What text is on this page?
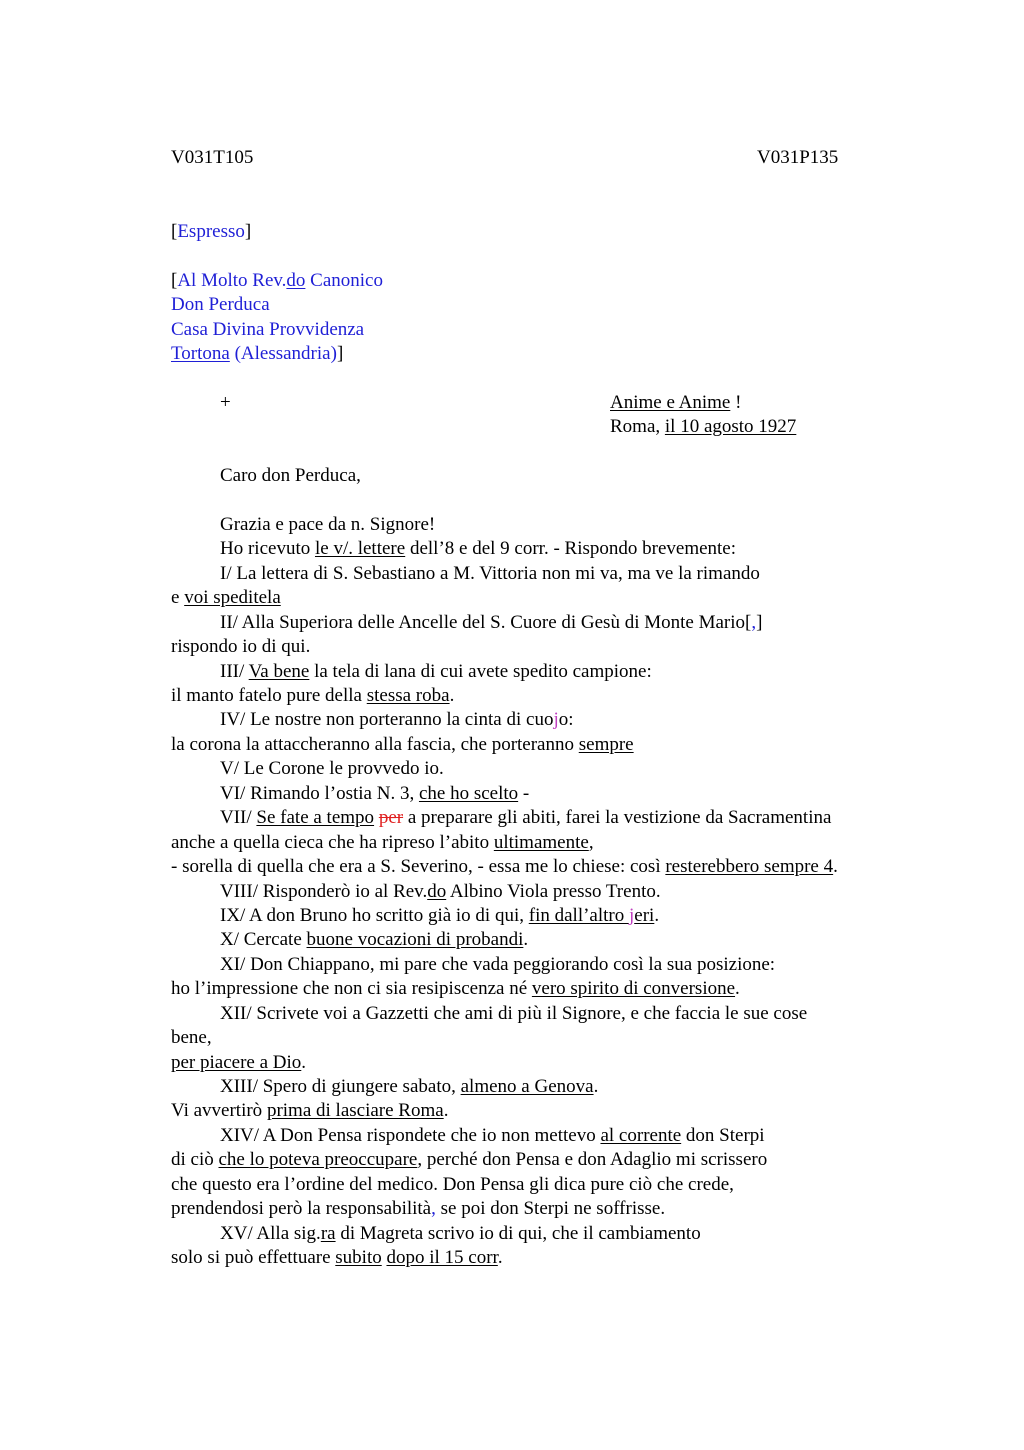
V031T105	V031P135
[Espresso]
[Al Molto Rev.do Canonico
Don Perduca
Casa Divina Provvidenza
Tortona (Alessandria)]
+	Anime e Anime !
Roma, il 10 agosto 1927
Caro don Perduca,
Grazia e pace da n. Signore!
Ho ricevuto le v/. lettere dell’8 e del 9 corr. - Rispondo brevemente:
I/ La lettera di S. Sebastiano a M. Vittoria non mi va, ma ve la rimando
e voi speditela
II/ Alla Superiora delle Ancelle del S. Cuore di Gesù di Monte Mario[,]
rispondo io di qui.
III/ Va bene la tela di lana di cui avete spedito campione:
il manto fatelo pure della stessa roba.
IV/ Le nostre non porteranno la cinta di cuojo:
la corona la attaccheranno alla fascia, che porteranno sempre
V/ Le Corone le provvedo io.
VI/ Rimando l’ostia N. 3, che ho scelto -
VII/ Se fate a tempo per a preparare gli abiti, farei la vestizione da Sacramentina
anche a quella cieca che ha ripreso l’abito ultimamente,
- sorella di quella che era a S. Severino, - essa me lo chiese: così resterebbero sempre 4.
VIII/ Risponderò io al Rev.do Albino Viola presso Trento.
IX/ A don Bruno ho scritto già io di qui, fin dall’altro jeri.
X/ Cercate buone vocazioni di probandi.
XI/ Don Chiappano, mi pare che vada peggiorando così la sua posizione:
ho l’impressione che non ci sia resipiscenza né vero spirito di conversione.
XII/ Scrivete voi a Gazzetti che ami di più il Signore, e che faccia le sue cose
bene,
per piacere a Dio.
XIII/ Spero di giungere sabato, almeno a Genova.
Vi avvertirò prima di lasciare Roma.
XIV/ A Don Pensa rispondete che io non mettevo al corrente don Sterpi
di ciò che lo poteva preoccupare, perché don Pensa e don Adaglio mi scrissero
che questo era l’ordine del medico. Don Pensa gli dica pure ciò che crede,
prendendosi però la responsabilità, se poi don Sterpi ne soffrisse.
XV/ Alla sig.ra di Magreta scrivo io di qui, che il cambiamento
solo si può effettuare subito dopo il 15 corr.
